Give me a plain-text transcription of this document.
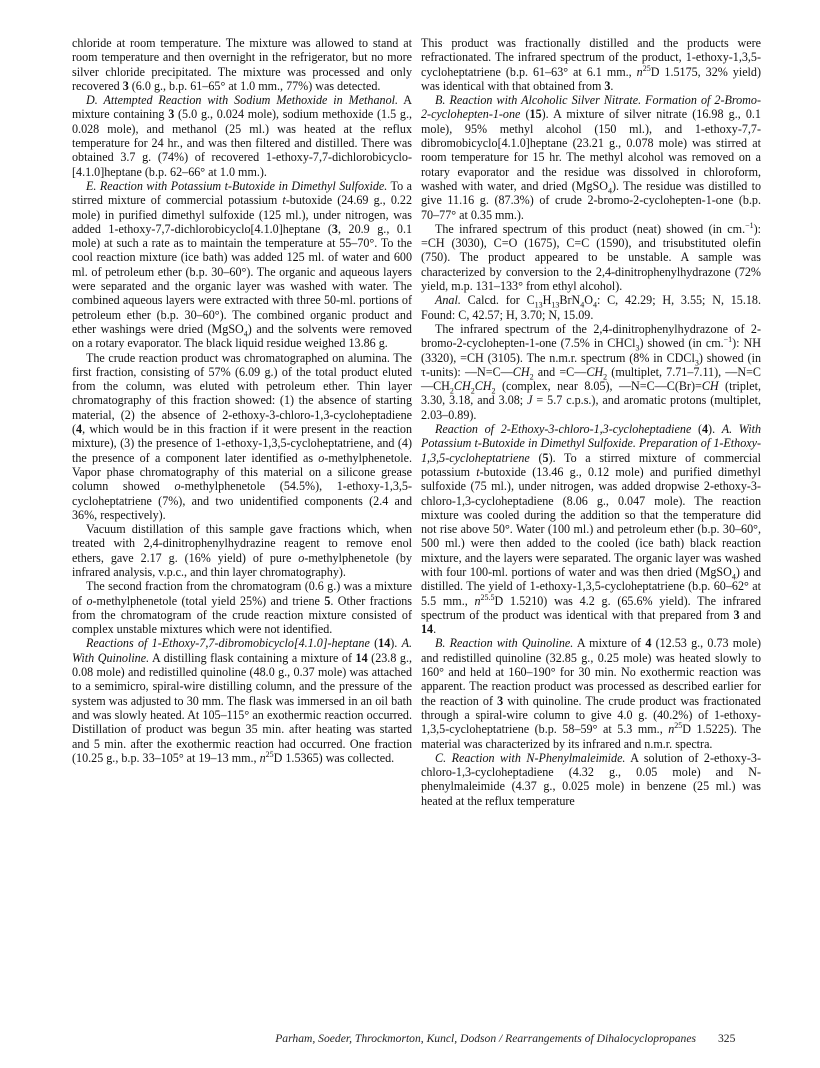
chloride at room temperature. The mixture was allowed to stand at room temperature and then overnight in the refrigerator, but no more silver chloride precipitated. The mixture was processed and only recovered 3 (6.0 g., b.p. 61–65° at 1.0 mm., 77%) was detected.

D. Attempted Reaction with Sodium Methoxide in Methanol. A mixture containing 3 (5.0 g., 0.024 mole), sodium methoxide (1.5 g., 0.028 mole), and methanol (25 ml.) was heated at the reflux temperature for 24 hr., and was then filtered and distilled. There was obtained 3.7 g. (74%) of recovered 1-ethoxy-7,7-dichlorobicyclo-[4.1.0]heptane (b.p. 62–66° at 1.0 mm.).

E. Reaction with Potassium t-Butoxide in Dimethyl Sulfoxide. To a stirred mixture of commercial potassium t-butoxide (24.69 g., 0.22 mole) in purified dimethyl sulfoxide (125 ml.), under nitrogen, was added 1-ethoxy-7,7-dichlorobicyclo[4.1.0]heptane (3, 20.9 g., 0.1 mole) at such a rate as to maintain the temperature at 55–70°. To the cool reaction mixture (ice bath) was added 125 ml. of water and 600 ml. of petroleum ether (b.p. 30–60°). The organic and aqueous layers were separated and the organic layer was washed with water. The combined aqueous layers were extracted with three 50-ml. portions of petroleum ether (b.p. 30–60°). The combined organic product and ether washings were dried (MgSO$_4$) and the solvents were removed on a rotary evaporator. The black liquid residue weighed 13.86 g.

The crude reaction product was chromatographed on alumina. The first fraction, consisting of 57% (6.09 g.) of the total product eluted from the column, was eluted with petroleum ether. Thin layer chromatography of this fraction showed: (1) the absence of starting material, (2) the absence of 2-ethoxy-3-chloro-1,3-cycloheptadiene (4, which would be in this fraction if it were present in the reaction mixture), (3) the presence of 1-ethoxy-1,3,5-cycloheptatriene, and (4) the presence of a component later identified as o-methylphenetole. Vapor phase chromatography of this material on a silicone grease column showed o-methylphenetole (54.5%), 1-ethoxy-1,3,5-cycloheptatriene (7%), and two unidentified components (2.4 and 36%, respectively).

Vacuum distillation of this sample gave fractions which, when treated with 2,4-dinitrophenylhydrazine reagent to remove enol ethers, gave 2.17 g. (16% yield) of pure o-methylphenetole (by infrared analysis, v.p.c., and thin layer chromatography).

The second fraction from the chromatogram (0.6 g.) was a mixture of o-methylphenetole (total yield 25%) and triene 5. Other fractions from the chromatogram of the crude reaction mixture consisted of complex unstable mixtures which were not identified.

Reactions of 1-Ethoxy-7,7-dibromobicyclo[4.1.0]-heptane (14). A. With Quinoline. A distilling flask containing a mixture of 14 (23.8 g., 0.08 mole) and redistilled quinoline (48.0 g., 0.37 mole) was attached to a semimicro, spiral-wire distilling column, and the pressure of the system was adjusted to 30 mm. The flask was immersed in an oil bath and was slowly heated. At 105–115° an exothermic reaction occurred. Distillation of product was begun 35 min. after heating was started and 5 min. after the exothermic reaction had occurred. One fraction (10.25 g., b.p. 33–105° at 19–13 mm., $n^{25}D$ 1.5365) was collected.

This product was fractionally distilled and the products were refractionated. The infrared spectrum of the product, 1-ethoxy-1,3,5-cycloheptatriene (b.p. 61–63° at 6.1 mm., $n^{25}D$ 1.5175, 32% yield) was identical with that obtained from 3.

B. Reaction with Alcoholic Silver Nitrate. Formation of 2-Bromo-2-cyclohepten-1-one (15). A mixture of silver nitrate (16.98 g., 0.1 mole), 95% methyl alcohol (150 ml.), and 1-ethoxy-7,7-dibromobicyclo[4.1.0]heptane (23.21 g., 0.078 mole) was stirred at room temperature for 15 hr. The methyl alcohol was removed on a rotary evaporator and the residue was dissolved in chloroform, washed with water, and dried (MgSO$_4$). The residue was distilled to give 11.16 g. (87.3%) of crude 2-bromo-2-cyclohepten-1-one (b.p. 70–77° at 0.35 mm.).

The infrared spectrum of this product (neat) showed (in cm.$^{-1}$): =CH (3030), C=O (1675), C=C (1590), and trisubstituted olefin (750). The product appeared to be unstable. A sample was characterized by conversion to the 2,4-dinitrophenylhydrazone (72% yield, m.p. 131–133° from ethyl alcohol).

Anal. Calcd. for $C_{13}H_{13}BrN_4O_4$: C, 42.29; H, 3.55; N, 15.18. Found: C, 42.57; H, 3.70; N, 15.09.

The infrared spectrum of the 2,4-dinitrophenylhydrazone of 2-bromo-2-cyclohepten-1-one (7.5% in CHCl$_3$) showed (in cm.$^{-1}$): NH (3320), =CH (3105). The n.m.r. spectrum (8% in CDCl$_3$) showed (in τ-units): $—N=C—CH_2$ and $=C—CH_2$ (multiplet, 7.71–7.11), $—N=C—CH_2CH_2CH_2$ (complex, near 8.05), —N=C—C(Br)=CH (triplet, 3.30, 3.18, and 3.08; J = 5.7 c.p.s.), and aromatic protons (multiplet, 2.03–0.89).

Reaction of 2-Ethoxy-3-chloro-1,3-cycloheptadiene (4). A. With Potassium t-Butoxide in Dimethyl Sulfoxide. Preparation of 1-Ethoxy-1,3,5-cycloheptatriene (5). To a stirred mixture of commercial potassium t-butoxide (13.46 g., 0.12 mole) and purified dimethyl sulfoxide (75 ml.), under nitrogen, was added dropwise 2-ethoxy-3-chloro-1,3-cycloheptadiene (8.06 g., 0.047 mole). The reaction mixture was cooled during the addition so that the temperature did not rise above 50°. Water (100 ml.) and petroleum ether (b.p. 30–60°, 500 ml.) were then added to the cooled (ice bath) black reaction mixture, and the layers were separated. The organic layer was washed with four 100-ml. portions of water and was then dried (MgSO$_4$) and distilled. The yield of 1-ethoxy-1,3,5-cycloheptatriene (b.p. 60–62° at 5.5 mm., $n^{25.5}D$ 1.5210) was 4.2 g. (65.6% yield). The infrared spectrum of the product was identical with that prepared from 3 and 14.

B. Reaction with Quinoline. A mixture of 4 (12.53 g., 0.73 mole) and redistilled quinoline (32.85 g., 0.25 mole) was heated slowly to 160° and held at 160–190° for 30 min. No exothermic reaction was apparent. The reaction product was processed as described earlier for the reaction of 3 with quinoline. The crude product was fractionated through a spiral-wire column to give 4.0 g. (40.2%) of 1-ethoxy-1,3,5-cycloheptatriene (b.p. 58–59° at 5.3 mm., $n^{25}D$ 1.5225). The material was characterized by its infrared and n.m.r. spectra.

C. Reaction with N-Phenylmaleimide. A solution of 2-ethoxy-3-chloro-1,3-cycloheptadiene (4.32 g., 0.05 mole) and N-phenylmaleimide (4.37 g., 0.025 mole) in benzene (25 ml.) was heated at the reflux temperature

Parham, Soeder, Throckmorton, Kuncl, Dodson / Rearrangements of Dihalocyclopropanes 325
